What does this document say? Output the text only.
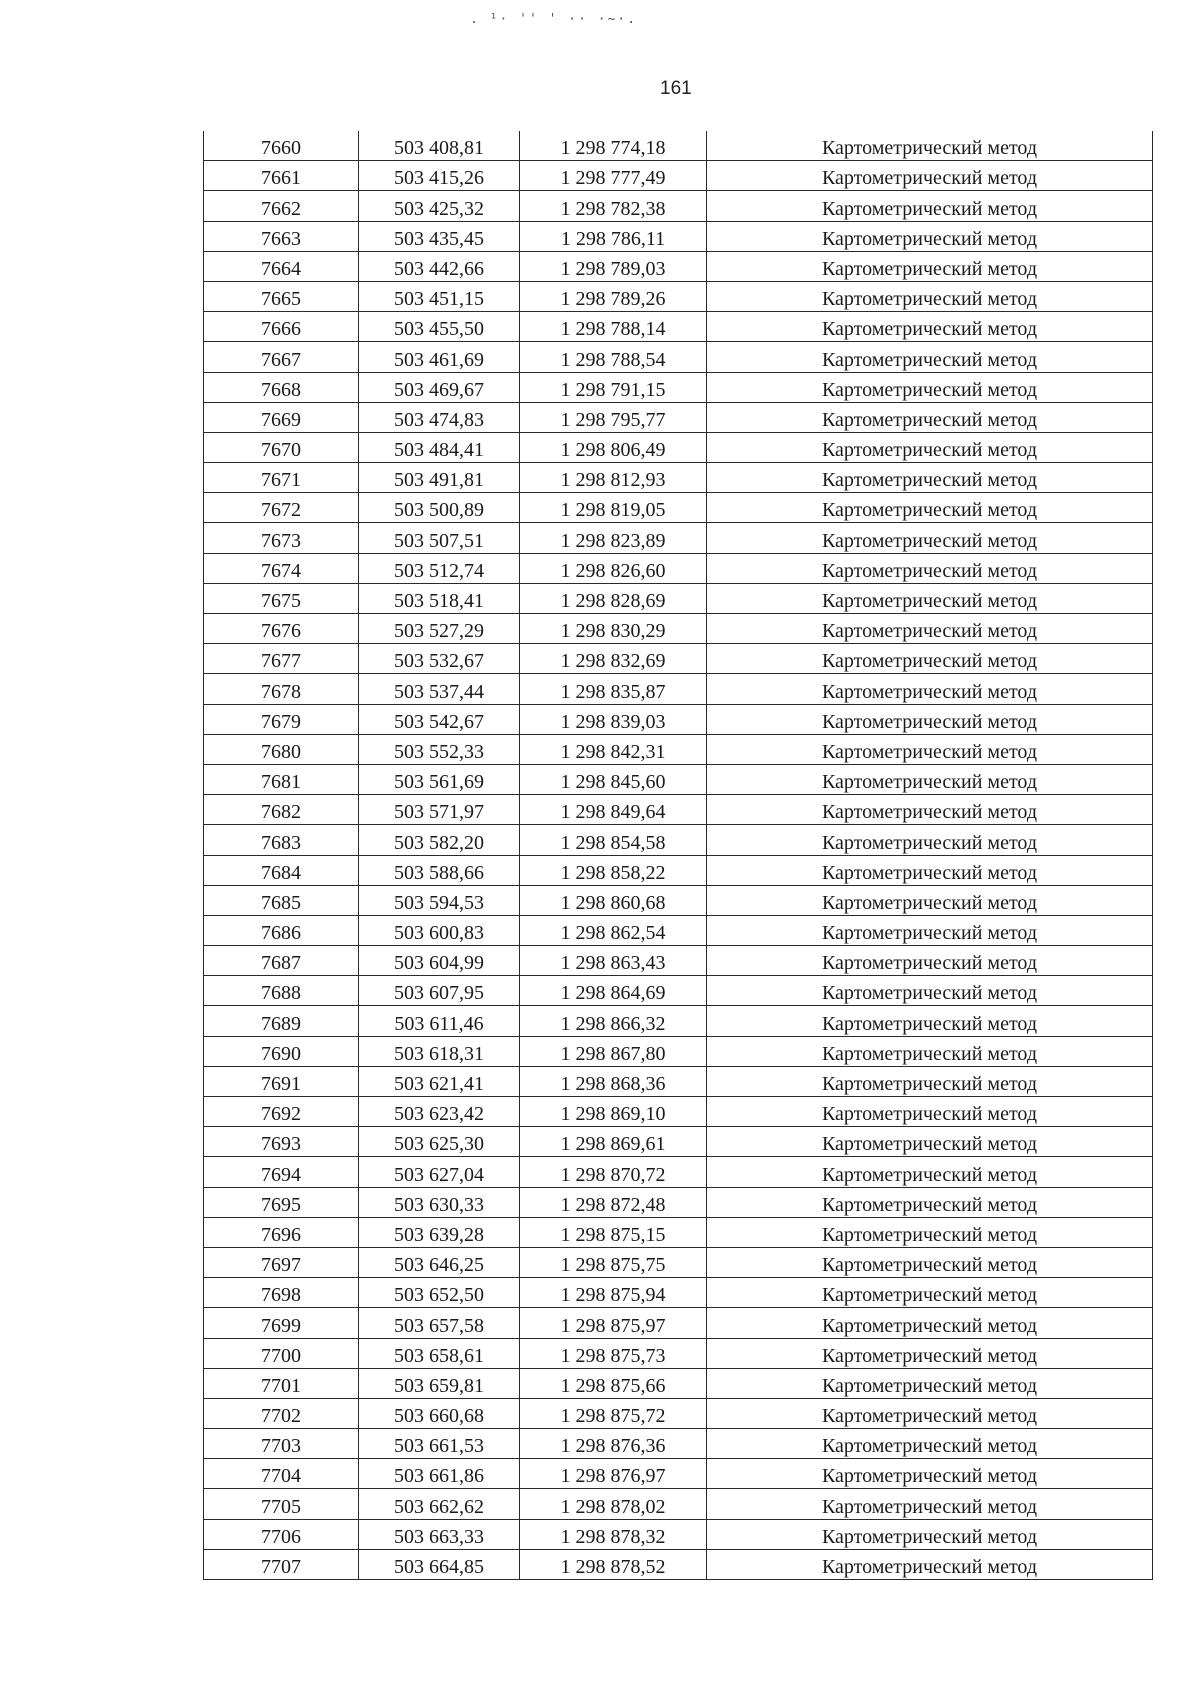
. ¹· '' ' ·· ·~·.
161
7660	503 408,81	1 298 774,18	Картометрический метод
7661	503 415,26	1 298 777,49	Картометрический метод
7662	503 425,32	1 298 782,38	Картометрический метод
7663	503 435,45	1 298 786,11	Картометрический метод
7664	503 442,66	1 298 789,03	Картометрический метод
7665	503 451,15	1 298 789,26	Картометрический метод
7666	503 455,50	1 298 788,14	Картометрический метод
7667	503 461,69	1 298 788,54	Картометрический метод
7668	503 469,67	1 298 791,15	Картометрический метод
7669	503 474,83	1 298 795,77	Картометрический метод
7670	503 484,41	1 298 806,49	Картометрический метод
7671	503 491,81	1 298 812,93	Картометрический метод
7672	503 500,89	1 298 819,05	Картометрический метод
7673	503 507,51	1 298 823,89	Картометрический метод
7674	503 512,74	1 298 826,60	Картометрический метод
7675	503 518,41	1 298 828,69	Картометрический метод
7676	503 527,29	1 298 830,29	Картометрический метод
7677	503 532,67	1 298 832,69	Картометрический метод
7678	503 537,44	1 298 835,87	Картометрический метод
7679	503 542,67	1 298 839,03	Картометрический метод
7680	503 552,33	1 298 842,31	Картометрический метод
7681	503 561,69	1 298 845,60	Картометрический метод
7682	503 571,97	1 298 849,64	Картометрический метод
7683	503 582,20	1 298 854,58	Картометрический метод
7684	503 588,66	1 298 858,22	Картометрический метод
7685	503 594,53	1 298 860,68	Картометрический метод
7686	503 600,83	1 298 862,54	Картометрический метод
7687	503 604,99	1 298 863,43	Картометрический метод
7688	503 607,95	1 298 864,69	Картометрический метод
7689	503 611,46	1 298 866,32	Картометрический метод
7690	503 618,31	1 298 867,80	Картометрический метод
7691	503 621,41	1 298 868,36	Картометрический метод
7692	503 623,42	1 298 869,10	Картометрический метод
7693	503 625,30	1 298 869,61	Картометрический метод
7694	503 627,04	1 298 870,72	Картометрический метод
7695	503 630,33	1 298 872,48	Картометрический метод
7696	503 639,28	1 298 875,15	Картометрический метод
7697	503 646,25	1 298 875,75	Картометрический метод
7698	503 652,50	1 298 875,94	Картометрический метод
7699	503 657,58	1 298 875,97	Картометрический метод
7700	503 658,61	1 298 875,73	Картометрический метод
7701	503 659,81	1 298 875,66	Картометрический метод
7702	503 660,68	1 298 875,72	Картометрический метод
7703	503 661,53	1 298 876,36	Картометрический метод
7704	503 661,86	1 298 876,97	Картометрический метод
7705	503 662,62	1 298 878,02	Картометрический метод
7706	503 663,33	1 298 878,32	Картометрический метод
7707	503 664,85	1 298 878,52	Картометрический метод
